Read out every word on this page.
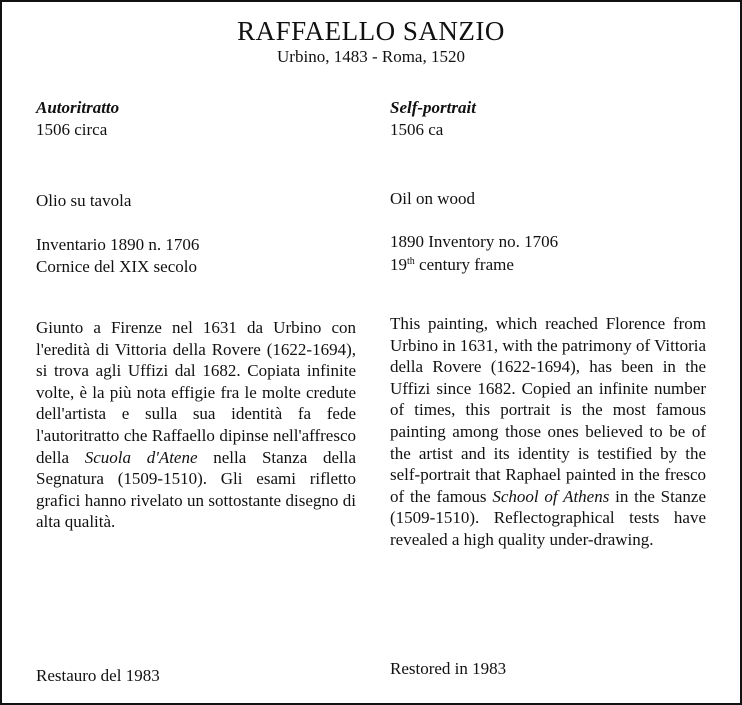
RAFFAELLO SANZIO
Urbino, 1483 - Roma, 1520
Autoritratto
1506 circa
Olio su tavola
Inventario 1890 n. 1706
Cornice del XIX secolo
Giunto a Firenze nel 1631 da Urbino con l'eredità di Vittoria della Rovere (1622-1694), si trova agli Uffizi dal 1682. Copiata infinite volte, è la più nota effigie fra le molte credute dell'artista e sulla sua identità fa fede l'autoritratto che Raffaello dipinse nell'affresco della Scuola d'Atene nella Stanza della Segnatura (1509-1510). Gli esami rifletto grafici hanno rivelato un sottostante disegno di alta qualità.
Restauro del 1983
Self-portrait
1506 ca
Oil on wood
1890 Inventory no. 1706
19th century frame
This painting, which reached Florence from Urbino in 1631, with the patrimony of Vittoria della Rovere (1622-1694), has been in the Uffizi since 1682. Copied an infinite number of times, this portrait is the most famous painting among those ones believed to be of the artist and its identity is testified by the self-portrait that Raphael painted in the fresco of the famous School of Athens in the Stanze (1509-1510). Reflectographical tests have revealed a high quality under-drawing.
Restored in 1983
